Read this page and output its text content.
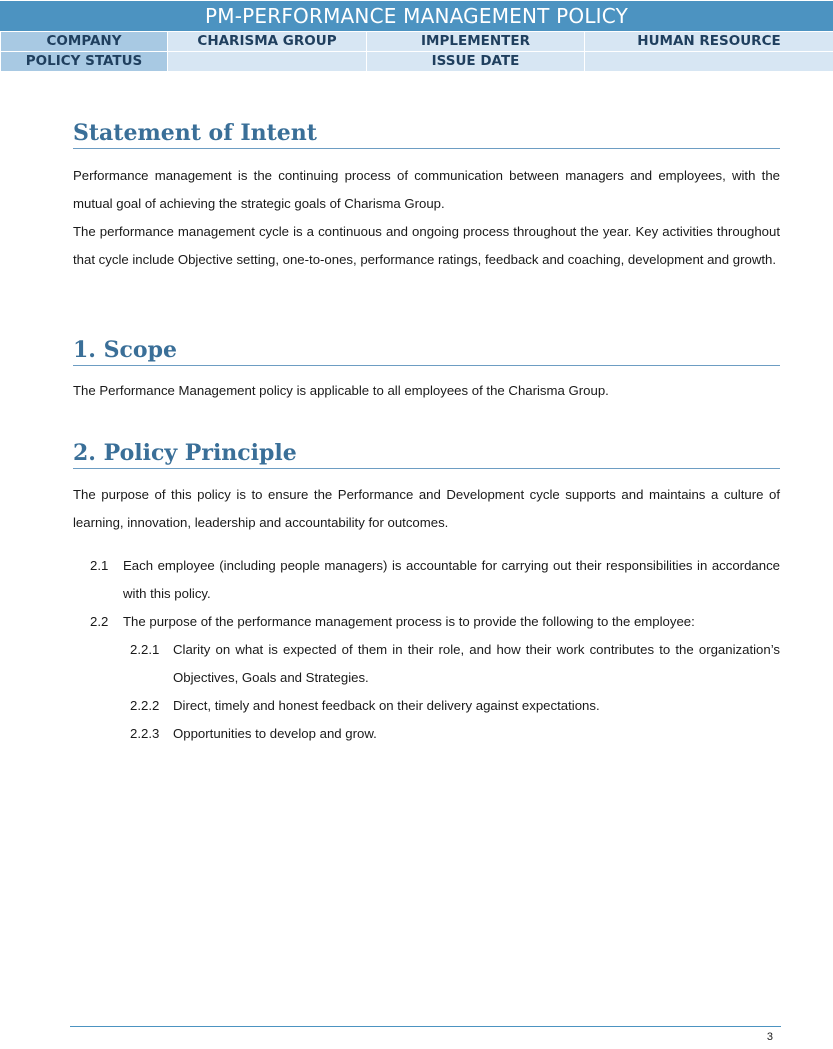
PM-PERFORMANCE MANAGEMENT POLICY
COMPANY	CHARISMA GROUP	IMPLEMENTER	HUMAN RESOURCE
POLICY STATUS		ISSUE DATE	
Statement of Intent
Performance management is the continuing process of communication between managers and employees, with the mutual goal of achieving the strategic goals of Charisma Group.
The performance management cycle is a continuous and ongoing process throughout the year. Key activities throughout that cycle include Objective setting, one-to-ones, performance ratings, feedback and coaching, development and growth.
1. Scope
The Performance Management policy is applicable to all employees of the Charisma Group.
2. Policy Principle
The purpose of this policy is to ensure the Performance and Development cycle supports and maintains a culture of learning, innovation, leadership and accountability for outcomes.
2.1 Each employee (including people managers) is accountable for carrying out their responsibilities in accordance with this policy.
2.2 The purpose of the performance management process is to provide the following to the employee:
2.2.1 Clarity on what is expected of them in their role, and how their work contributes to the organization’s Objectives, Goals and Strategies.
2.2.2 Direct, timely and honest feedback on their delivery against expectations.
2.2.3 Opportunities to develop and grow.
3
